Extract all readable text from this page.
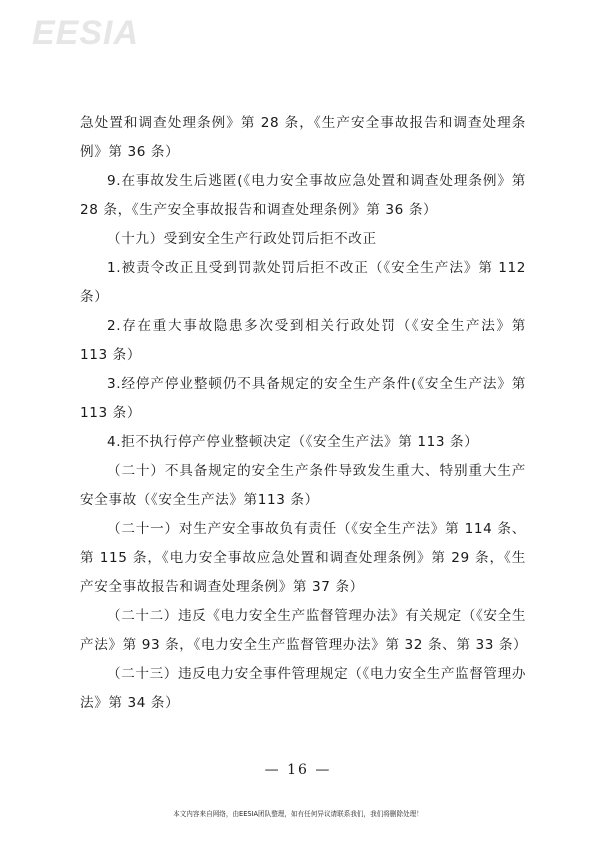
EESIA

急处置和调查处理条例》第 28 条，《生产安全事故报告和调查处理条例》第 36 条）

9.在事故发生后逃匿(《电力安全事故应急处置和调查处理条例》第 28 条，《生产安全事故报告和调查处理条例》第 36 条）

（十九）受到安全生产行政处罚后拒不改正

1.被责令改正且受到罚款处罚后拒不改正（《安全生产法》第 112 条）

2.存在重大事故隐患多次受到相关行政处罚（《安全生产法》第 113 条）

3.经停产停业整顿仍不具备规定的安全生产条件(《安全生产法》第 113 条）

4.拒不执行停产停业整顿决定（《安全生产法》第 113 条）

（二十）不具备规定的安全生产条件导致发生重大、特别重大生产安全事故（《安全生产法》第113 条）

（二十一）对生产安全事故负有责任（《安全生产法》第 114 条、第 115 条，《电力安全事故应急处置和调查处理条例》第 29 条，《生产安全事故报告和调查处理条例》第 37 条）

（二十二）违反《电力安全生产监督管理办法》有关规定（《安全生产法》第 93 条，《电力安全生产监督管理办法》第 32 条、第 33 条）

（二十三）违反电力安全事件管理规定（《电力安全生产监督管理办法》第 34 条）

— 16 —
本文内容来自网络，由EESIA团队整理，如有任何异议请联系我们，我们将删除处理！
